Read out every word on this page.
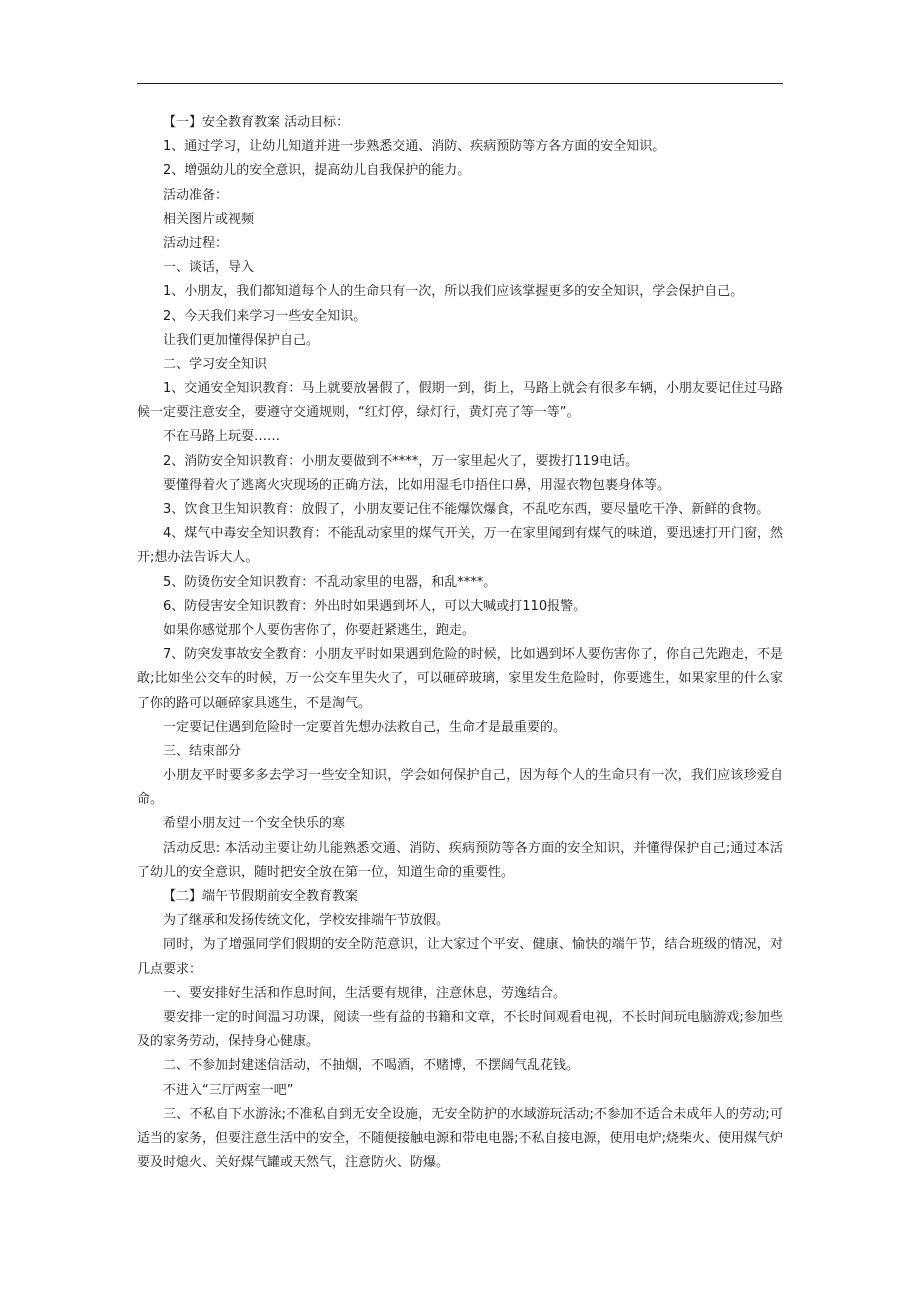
【一】安全教育教案 活动目标：
1、通过学习，让幼儿知道并进一步熟悉交通、消防、疾病预防等方各方面的安全知识。
2、增强幼儿的安全意识，提高幼儿自我保护的能力。
活动准备：
相关图片或视频
活动过程：
一、谈话，导入
1、小朋友，我们都知道每个人的生命只有一次，所以我们应该掌握更多的安全知识，学会保护自己。
2、今天我们来学习一些安全知识。
让我们更加懂得保护自己。
二、学习安全知识
1、交通安全知识教育：马上就要放暑假了，假期一到，街上，马路上就会有很多车辆，小朋友要记住过马路
候一定要注意安全，要遵守交通规则，“红灯停，绿灯行，黄灯亮了等一等”。
不在马路上玩耍……
2、消防安全知识教育：小朋友要做到不****，万一家里起火了，要拨打119电话。
要懂得着火了逃离火灾现场的正确方法，比如用湿毛巾捂住口鼻，用湿衣物包裹身体等。
3、饮食卫生知识教育：放假了，小朋友要记住不能爆饮爆食，不乱吃东西，要尽量吃干净、新鲜的食物。
4、煤气中毒安全知识教育：不能乱动家里的煤气开关，万一在家里闻到有煤气的味道，要迅速打开门窗，然
开;想办法告诉大人。
5、防烫伤安全知识教育：不乱动家里的电器，和乱****。
6、防侵害安全知识教育：外出时如果遇到坏人，可以大喊或打110报警。
如果你感觉那个人要伤害你了，你要赶紧逃生，跑走。
7、防突发事故安全教育：小朋友平时如果遇到危险的时候，比如遇到坏人要伤害你了，你自己先跑走，不是
敢;比如坐公交车的时候，万一公交车里失火了，可以砸碎玻璃，家里发生危险时，你要逃生，如果家里的什么家
了你的路可以砸碎家具逃生，不是淘气。
一定要记住遇到危险时一定要首先想办法救自己，生命才是最重要的。
三、结束部分
小朋友平时要多多去学习一些安全知识，学会如何保护自己，因为每个人的生命只有一次，我们应该珍爱自
命。
希望小朋友过一个安全快乐的寒
活动反思: 本活动主要让幼儿能熟悉交通、消防、疾病预防等各方面的安全知识，并懂得保护自己;通过本活
了幼儿的安全意识，随时把安全放在第一位，知道生命的重要性。
【二】端午节假期前安全教育教案
为了继承和发扬传统文化，学校安排端午节放假。
同时，为了增强同学们假期的安全防范意识，让大家过个平安、健康、愉快的端午节，结合班级的情况，对
几点要求：
一、要安排好生活和作息时间，生活要有规律，注意休息，劳逸结合。
要安排一定的时间温习功课，阅读一些有益的书籍和文章，不长时间观看电视，不长时间玩电脑游戏;参加些
及的家务劳动，保持身心健康。
二、不参加封建迷信活动，不抽烟，不喝酒，不赌博，不摆阔气乱花钱。
不进入“三厅两室一吧”
三、不私自下水游泳;不准私自到无安全设施，无安全防护的水域游玩活动;不参加不适合未成年人的劳动;可
适当的家务，但要注意生活中的安全，不随便接触电源和带电电器;不私自接电源，使用电炉;烧柴火、使用煤气炉
要及时熄火、关好煤气罐或天然气，注意防火、防爆。
